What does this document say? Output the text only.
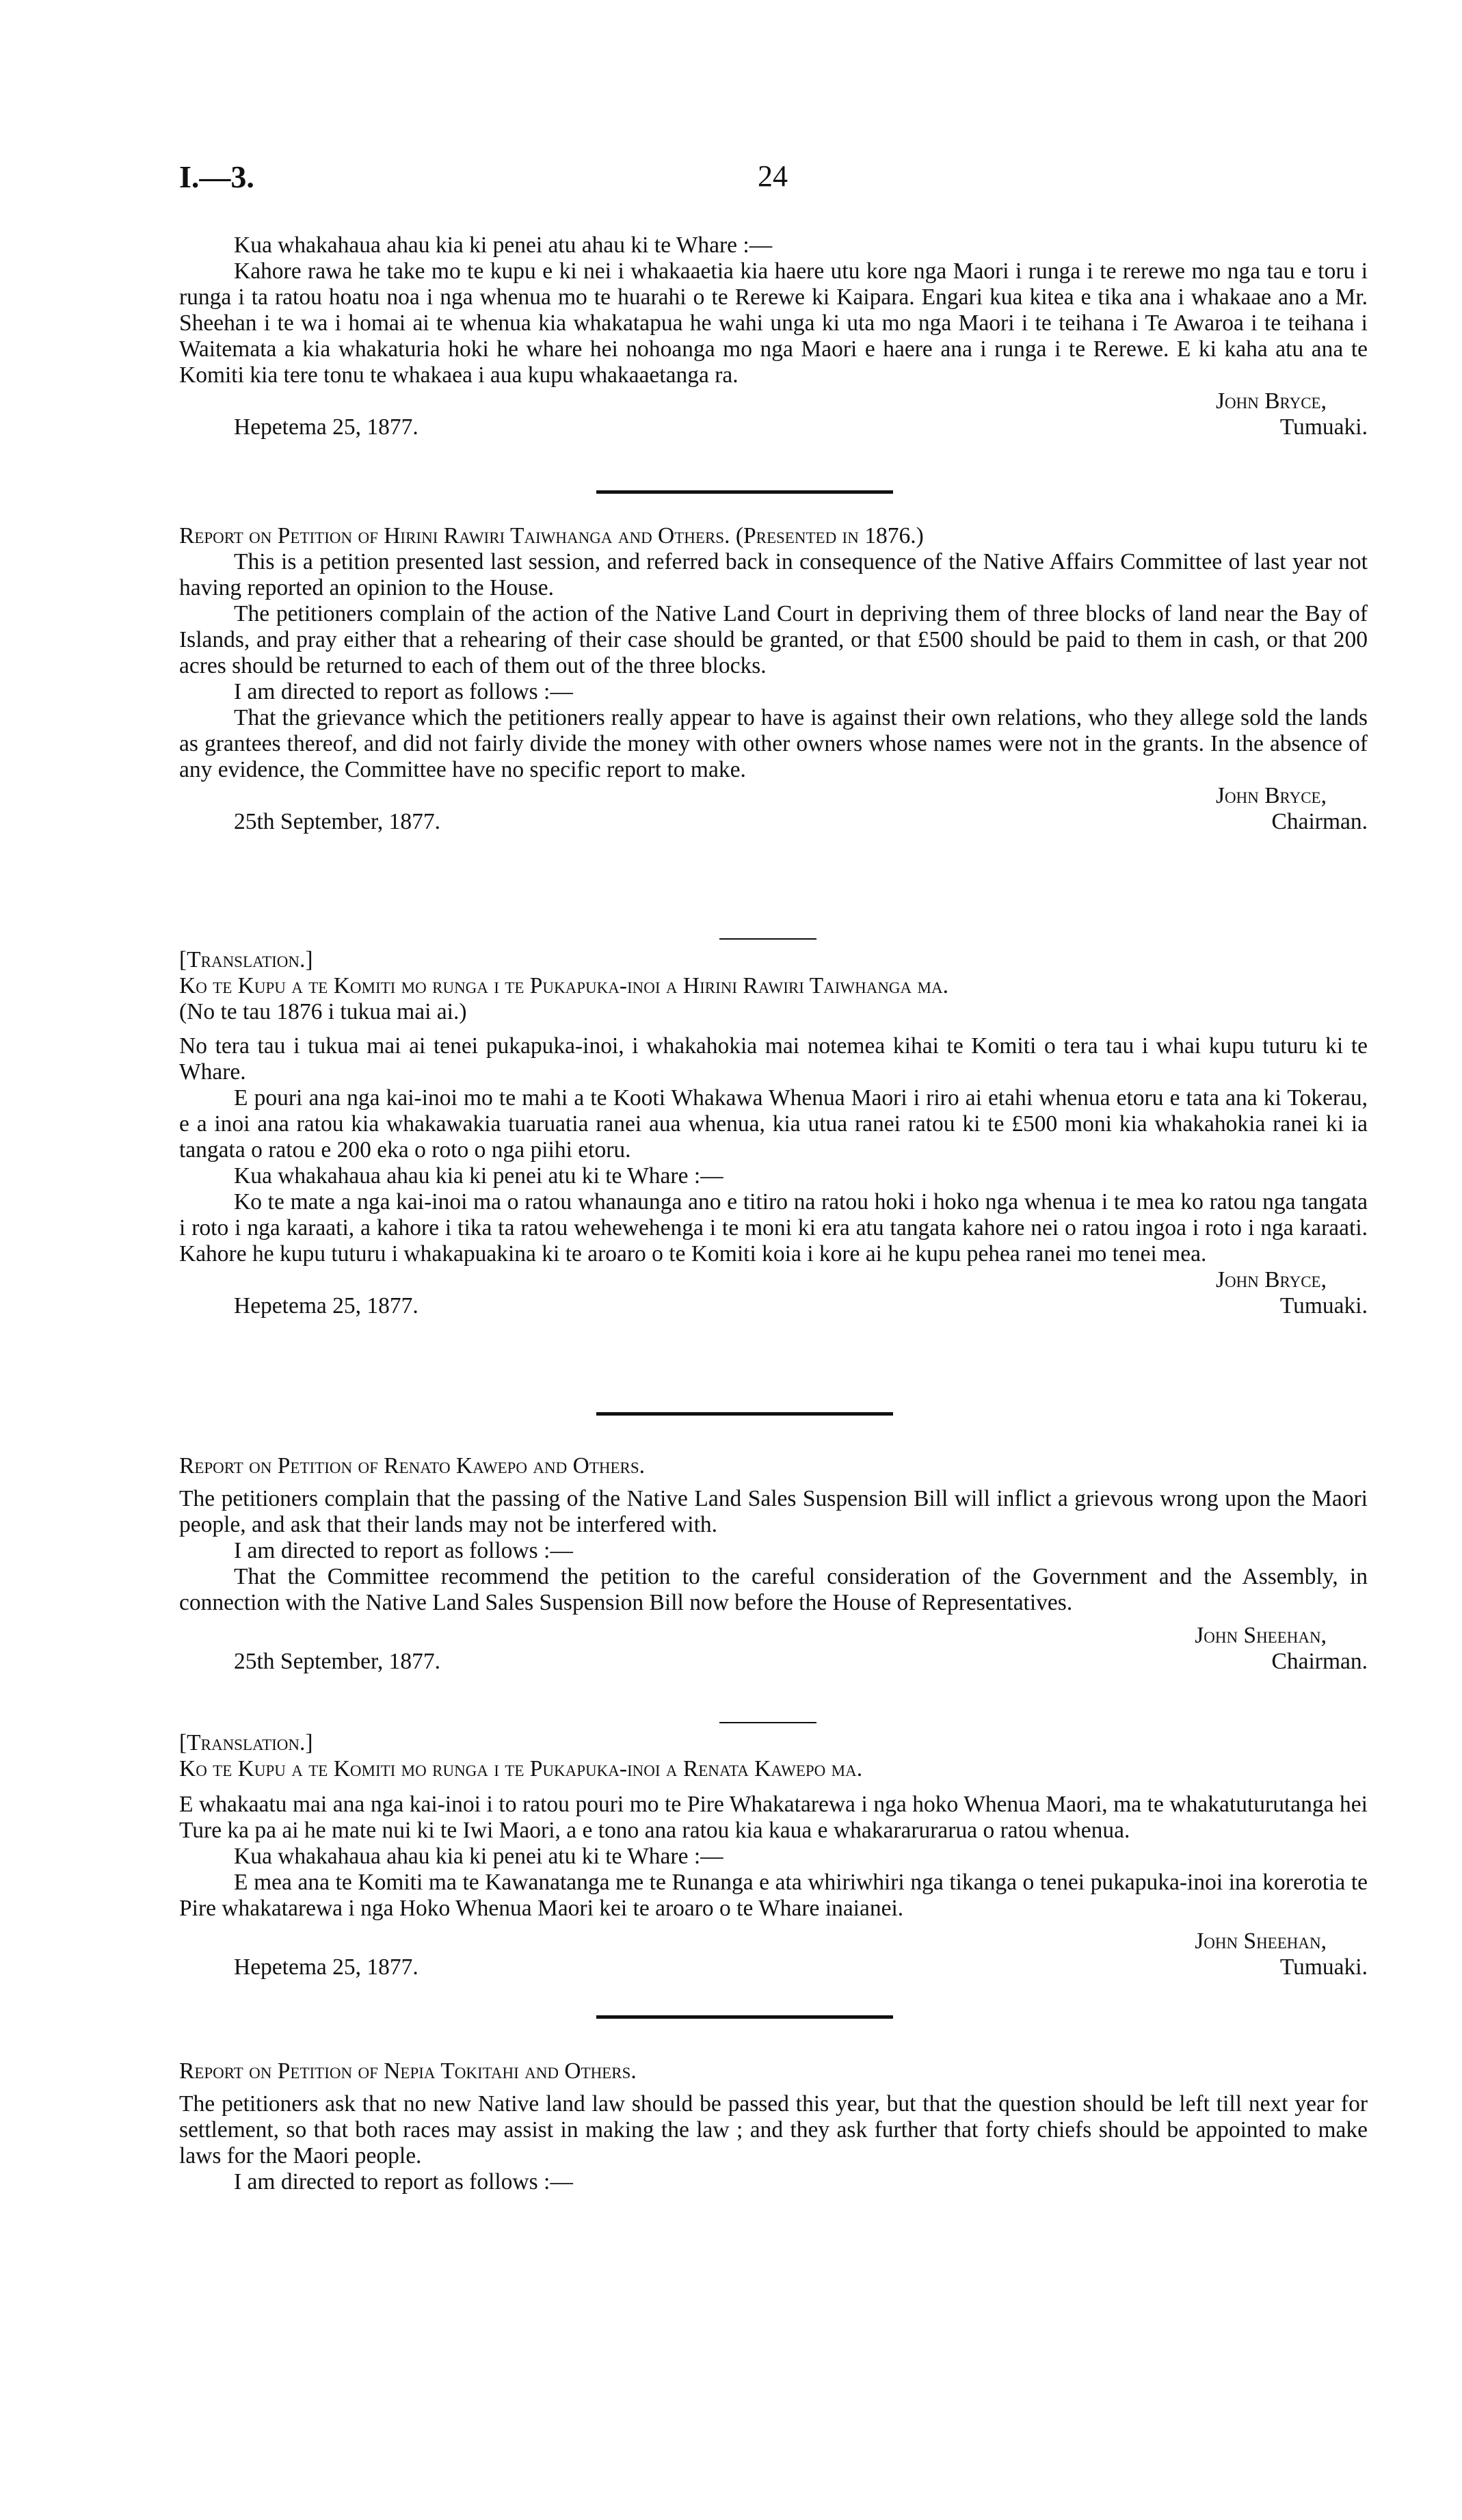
I.—3.	24

Kua whakahaua ahau kia ki penei atu ahau ki te Whare :—

Kahore rawa he take mo te kupu e ki nei i whakaaetia kia haere utu kore nga Maori i runga i te rerewe mo nga tau e toru i runga i ta ratou hoatu noa i nga whenua mo te huarahi o te Rerewe ki Kaipara. Engari kua kitea e tika ana i whakaae ano a Mr. Sheehan i te wa i homai ai te whenua kia whakatapua he wahi unga ki uta mo nga Maori i te teihana i Te Awaroa i te teihana i Waitemata a kia whakaturia hoki he whare hei nohoanga mo nga Maori e haere ana i runga i te Rerewe. E ki kaha atu ana te Komiti kia tere tonu te whakaea i aua kupu whakaaetanga ra.

John Bryce,
Hepetema 25, 1877.	Tumuaki.

Report on Petition of Hirini Rawiri Taiwhanga and Others. (Presented in 1876.)

This is a petition presented last session, and referred back in consequence of the Native Affairs Committee of last year not having reported an opinion to the House.

The petitioners complain of the action of the Native Land Court in depriving them of three blocks of land near the Bay of Islands, and pray either that a rehearing of their case should be granted, or that £500 should be paid to them in cash, or that 200 acres should be returned to each of them out of the three blocks.

I am directed to report as follows :—

That the grievance which the petitioners really appear to have is against their own relations, who they allege sold the lands as grantees thereof, and did not fairly divide the money with other owners whose names were not in the grants. In the absence of any evidence, the Committee have no specific report to make.

John Bryce,
25th September, 1877.	Chairman.

[Translation.]

Ko te Kupu a te Komiti mo runga i te Pukapuka-inoi a Hirini Rawiri Taiwhanga ma.

(No te tau 1876 i tukua mai ai.)

No tera tau i tukua mai ai tenei pukapuka-inoi, i whakahokia mai notemea kihai te Komiti o tera tau i whai kupu tuturu ki te Whare.

E pouri ana nga kai-inoi mo te mahi a te Kooti Whakawa Whenua Maori i riro ai etahi whenua etoru e tata ana ki Tokerau, e a inoi ana ratou kia whakawakia tuaruatia ranei aua whenua, kia utua ranei ratou ki te £500 moni kia whakahokia ranei ki ia tangata o ratou e 200 eka o roto o nga piihi etoru.

Kua whakahaua ahau kia ki penei atu ki te Whare :—

Ko te mate a nga kai-inoi ma o ratou whanaunga ano e titiro na ratou hoki i hoko nga whenua i te mea ko ratou nga tangata i roto i nga karaati, a kahore i tika ta ratou wehewehenga i te moni ki era atu tangata kahore nei o ratou ingoa i roto i nga karaati. Kahore he kupu tuturu i whakapuakina ki te aroaro o te Komiti koia i kore ai he kupu pehea ranei mo tenei mea.

John Bryce,
Hepetema 25, 1877.	Tumuaki.

Report on Petition of Renato Kawepo and Others.

The petitioners complain that the passing of the Native Land Sales Suspension Bill will inflict a grievous wrong upon the Maori people, and ask that their lands may not be interfered with.

I am directed to report as follows :—

That the Committee recommend the petition to the careful consideration of the Government and the Assembly, in connection with the Native Land Sales Suspension Bill now before the House of Representatives.

John Sheehan,
25th September, 1877.	Chairman.

[Translation.]

Ko te Kupu a te Komiti mo runga i te Pukapuka-inoi a Renata Kawepo ma.

E whakaatu mai ana nga kai-inoi i to ratou pouri mo te Pire Whakatarewa i nga hoko Whenua Maori, ma te whakatuturutanga hei Ture ka pa ai he mate nui ki te Iwi Maori, a e tono ana ratou kia kaua e whakararurarua o ratou whenua.

Kua whakahaua ahau kia ki penei atu ki te Whare :—

E mea ana te Komiti ma te Kawanatanga me te Runanga e ata whiriwhiri nga tikanga o tenei pukapuka-inoi ina korerotia te Pire whakatarewa i nga Hoko Whenua Maori kei te aroaro o te Whare inaianei.

John Sheehan,
Hepetema 25, 1877.	Tumuaki.

Report on Petition of Nepia Tokitahi and Others.

The petitioners ask that no new Native land law should be passed this year, but that the question should be left till next year for settlement, so that both races may assist in making the law ; and they ask further that forty chiefs should be appointed to make laws for the Maori people.

I am directed to report as follows :—
